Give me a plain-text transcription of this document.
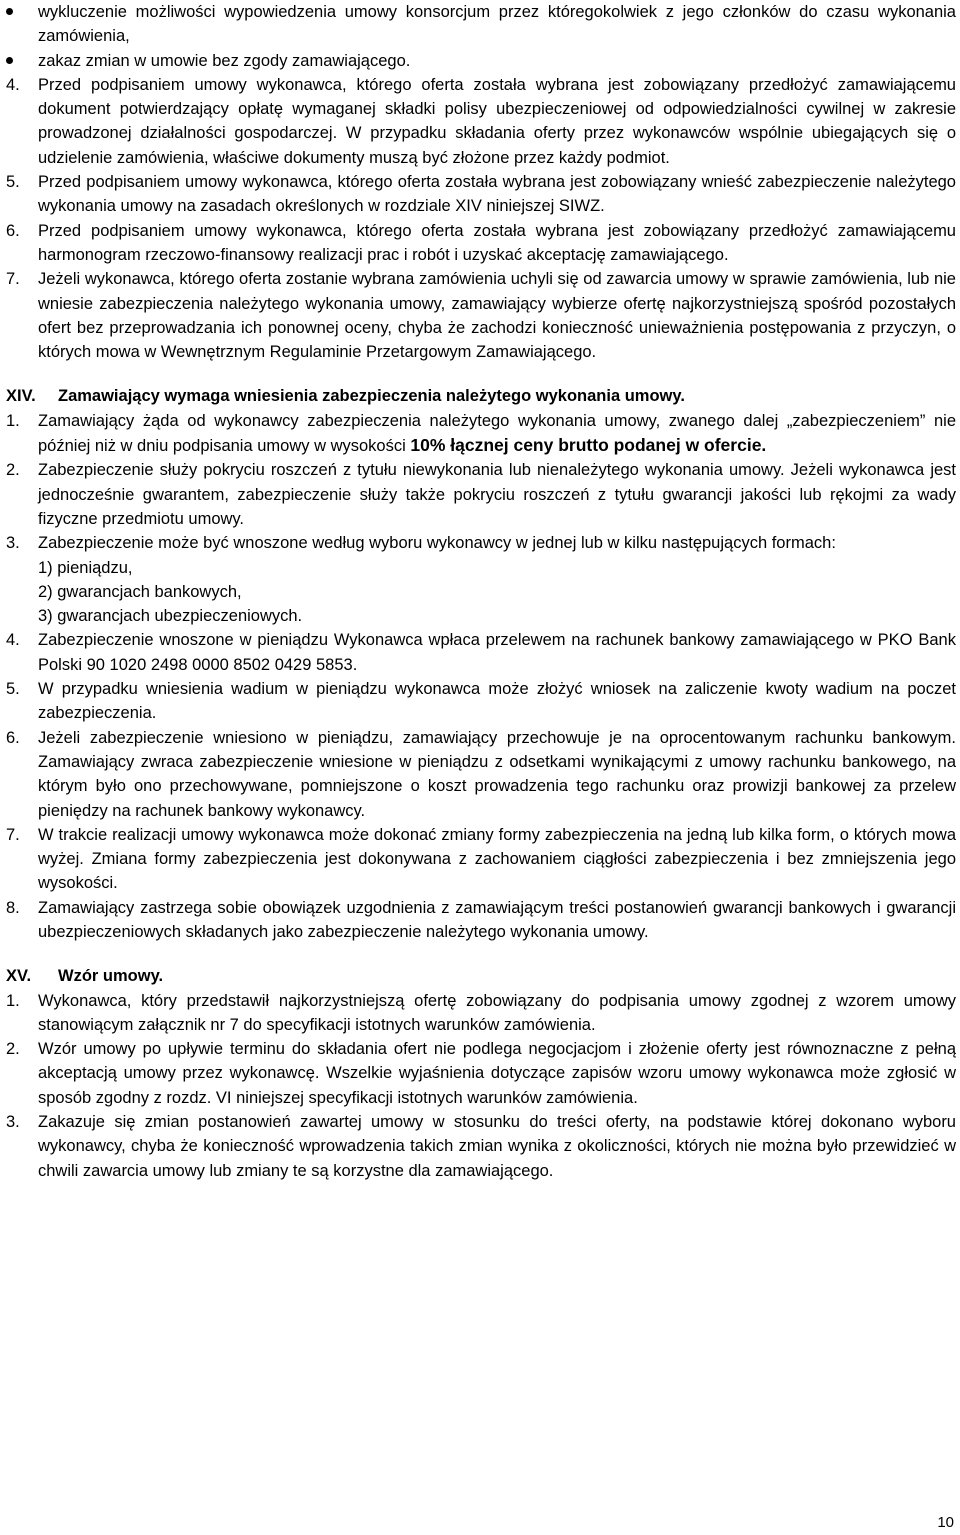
wykluczenie możliwości wypowiedzenia umowy konsorcjum przez któregokolwiek z jego członków do czasu wykonania zamówienia,
zakaz zmian w umowie bez zgody zamawiającego.
4.	Przed podpisaniem umowy wykonawca, którego oferta została wybrana jest zobowiązany przedłożyć zamawiającemu dokument potwierdzający opłatę wymaganej składki polisy ubezpieczeniowej od odpowiedzialności cywilnej w zakresie prowadzonej działalności gospodarczej. W przypadku składania oferty przez wykonawców wspólnie ubiegających się o udzielenie zamówienia, właściwe dokumenty muszą być złożone przez każdy podmiot.
5.	Przed podpisaniem umowy wykonawca, którego oferta została wybrana jest zobowiązany wnieść zabezpieczenie należytego wykonania umowy na zasadach określonych w rozdziale XIV niniejszej SIWZ.
6.	Przed podpisaniem umowy wykonawca, którego oferta została wybrana jest zobowiązany przedłożyć zamawiającemu harmonogram rzeczowo-finansowy realizacji prac i robót i uzyskać akceptację zamawiającego.
7.	Jeżeli wykonawca, którego oferta zostanie wybrana zamówienia uchyli się od zawarcia umowy w sprawie zamówienia, lub nie wniesie zabezpieczenia należytego wykonania umowy, zamawiający wybierze ofertę najkorzystniejszą spośród pozostałych ofert bez przeprowadzania ich ponownej oceny, chyba że zachodzi konieczność unieważnienia postępowania z przyczyn, o których mowa w Wewnętrznym Regulaminie Przetargowym Zamawiającego.
XIV.	Zamawiający wymaga wniesienia zabezpieczenia należytego wykonania umowy.
1.	Zamawiający żąda od wykonawcy zabezpieczenia należytego wykonania umowy, zwanego dalej „zabezpieczeniem” nie później niż w dniu podpisania umowy w wysokości 10% łącznej ceny brutto podanej w ofercie.
2.	Zabezpieczenie służy pokryciu roszczeń z tytułu niewykonania lub nienależytego wykonania umowy. Jeżeli wykonawca jest jednocześnie gwarantem, zabezpieczenie służy także pokryciu roszczeń z tytułu gwarancji jakości lub rękojmi za wady fizyczne przedmiotu umowy.
3.	Zabezpieczenie może być wnoszone według wyboru wykonawcy w jednej lub w kilku następujących formach:

1) pieniądzu,

2) gwarancjach bankowych,

3) gwarancjach ubezpieczeniowych.

4.	Zabezpieczenie wnoszone w pieniądzu Wykonawca wpłaca przelewem na rachunek bankowy zamawiającego w PKO Bank Polski 90 1020 2498 0000 8502 0429 5853.
5.	W przypadku wniesienia wadium w pieniądzu wykonawca może złożyć wniosek na zaliczenie kwoty wadium na poczet zabezpieczenia.
6.	Jeżeli zabezpieczenie wniesiono w pieniądzu, zamawiający przechowuje je na oprocentowanym rachunku bankowym. Zamawiający zwraca zabezpieczenie wniesione w pieniądzu z odsetkami wynikającymi z umowy rachunku bankowego, na którym było ono przechowywane, pomniejszone o koszt prowadzenia tego rachunku oraz prowizji bankowej za przelew pieniędzy na rachunek bankowy wykonawcy.
7.	W trakcie realizacji umowy wykonawca może dokonać zmiany formy zabezpieczenia na jedną lub kilka form, o których mowa wyżej. Zmiana formy zabezpieczenia jest dokonywana z zachowaniem ciągłości zabezpieczenia i bez zmniejszenia jego wysokości.
8.	Zamawiający zastrzega sobie obowiązek uzgodnienia z zamawiającym treści postanowień gwarancji bankowych i gwarancji ubezpieczeniowych składanych jako zabezpieczenie należytego wykonania umowy.
XV.	Wzór umowy.
1.	Wykonawca, który przedstawił najkorzystniejszą ofertę zobowiązany do podpisania umowy zgodnej z wzorem umowy stanowiącym załącznik nr 7 do specyfikacji istotnych warunków zamówienia.
2.	Wzór umowy po upływie terminu do składania ofert nie podlega negocjacjom i złożenie oferty jest równoznaczne z pełną akceptacją umowy przez wykonawcę. Wszelkie wyjaśnienia dotyczące zapisów wzoru umowy wykonawca może zgłosić w sposób zgodny z rozdz. VI niniejszej specyfikacji istotnych warunków zamówienia.
3.	Zakazuje się zmian postanowień zawartej umowy w stosunku do treści oferty, na podstawie której dokonano wyboru wykonawcy, chyba że konieczność wprowadzenia takich zmian wynika z okoliczności, których nie można było przewidzieć w chwili zawarcia umowy lub zmiany te są korzystne dla zamawiającego.
10
